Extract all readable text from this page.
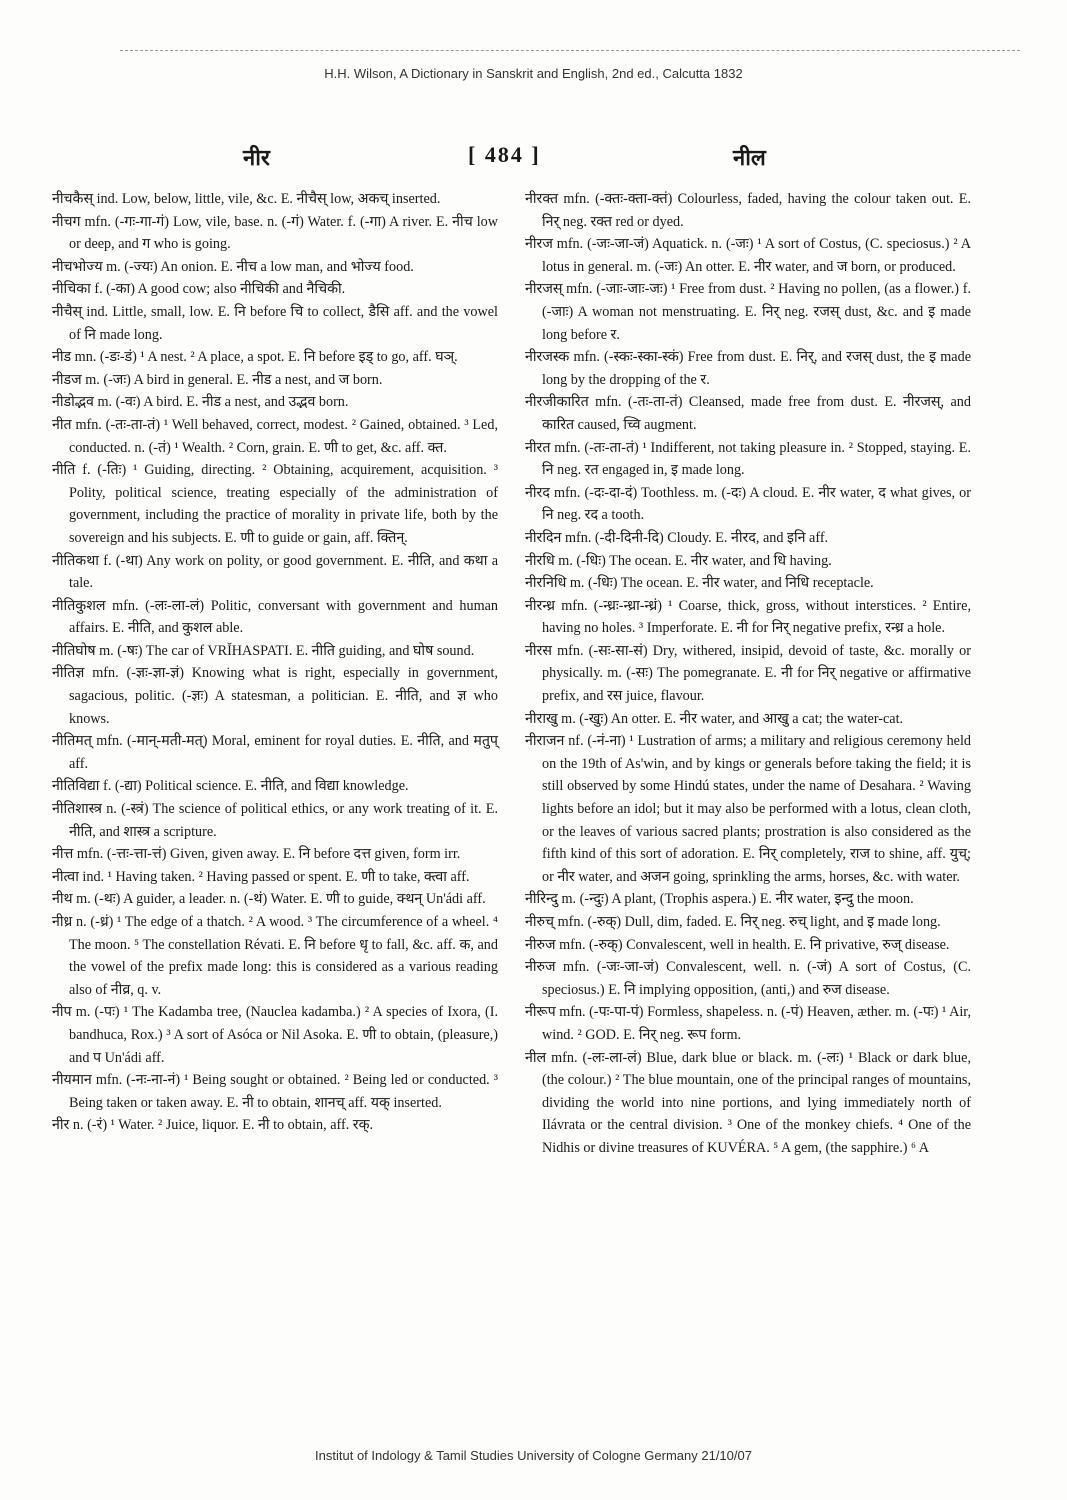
H.H. Wilson, A Dictionary in Sanskrit and English, 2nd ed., Calcutta 1832
नीर	[ 484 ]	नील

नीचकैस् ind. Low, below, little, vile, &c. E. नीचैस् low, अकच् inserted.

नीचग mfn. (-गः-गा-गं) Low, vile, base. n. (-गं) Water. f. (-गा) A river. E. नीच low or deep, and ग who is going.

नीचभोज्य m. (-ज्यः) An onion. E. नीच a low man, and भोज्य food.

नीचिका f. (-का) A good cow; also नीचिकी and नैचिकी.

नीचैस् ind. Little, small, low. E. नि before चि to collect, डैसि aff. and the vowel of नि made long.

नीड mn. (-डः-डं) ¹ A nest. ² A place, a spot. E. नि before इड् to go, aff. घञ्.

नीडज m. (-जः) A bird in general. E. नीड a nest, and ज born.

नीडोद्भव m. (-वः) A bird. E. नीड a nest, and उद्भव born.

नीत mfn. (-तः-ता-तं) ¹ Well behaved, correct, modest. ² Gained, obtained. ³ Led, conducted. n. (-तं) ¹ Wealth. ² Corn, grain. E. णी to get, &c. aff. क्त.

नीति f. (-तिः) ¹ Guiding, directing. ² Obtaining, acquirement, acquisition. ³ Polity, political science, treating especially of the administration of government, including the practice of morality in private life, both by the sovereign and his subjects. E. णी to guide or gain, aff. क्तिन्.

नीतिकथा f. (-था) Any work on polity, or good government. E. नीति, and कथा a tale.

नीतिकुशल mfn. (-लः-ला-लं) Politic, conversant with government and human affairs. E. नीति, and कुशल able.

नीतिघोष m. (-षः) The car of VRĬHASPATI. E. नीति guiding, and घोष sound.

नीतिज्ञ mfn. (-ज्ञः-ज्ञा-ज्ञं) Knowing what is right, especially in government, sagacious, politic. (-ज्ञः) A statesman, a politician. E. नीति, and ज्ञ who knows.

नीतिमत् mfn. (-मान्-मती-मत्) Moral, eminent for royal duties. E. नीति, and मतुप् aff.

नीतिविद्या f. (-द्या) Political science. E. नीति, and विद्या knowledge.

नीतिशास्त्र n. (-स्त्रं) The science of political ethics, or any work treating of it. E. नीति, and शास्त्र a scripture.

नीत्त mfn. (-त्तः-त्ता-त्तं) Given, given away. E. नि before दत्त given, form irr.

नीत्वा ind. ¹ Having taken. ² Having passed or spent. E. णी to take, क्त्वा aff.

नीथ m. (-थः) A guider, a leader. n. (-थं) Water. E. णी to guide, क्थन् Un'ádi aff.

नीध्र n. (-ध्रं) ¹ The edge of a thatch. ² A wood. ³ The circumference of a wheel. ⁴ The moon. ⁵ The constellation Révati. E. नि before धृ to fall, &c. aff. क, and the vowel of the prefix made long: this is considered as a various reading also of नीव्र, q. v.

नीप m. (-पः) ¹ The Kadamba tree, (Nauclea kadamba.) ² A species of Ixora, (I. bandhuca, Rox.) ³ A sort of Asóca or Nil Asoka. E. णी to obtain, (pleasure,) and प Un'ádi aff.

नीयमान mfn. (-नः-ना-नं) ¹ Being sought or obtained. ² Being led or conducted. ³ Being taken or taken away. E. नी to obtain, शानच् aff. यक् inserted.

नीर n. (-रं) ¹ Water. ² Juice, liquor. E. नी to obtain, aff. रक्.

नीरक्त mfn. (-क्तः-क्ता-क्तं) Colourless, faded, having the colour taken out. E. निर् neg. रक्त red or dyed.

नीरज mfn. (-जः-जा-जं) Aquatick. n. (-जः) ¹ A sort of Costus, (C. speciosus.) ² A lotus in general. m. (-जः) An otter. E. नीर water, and ज born, or produced.

नीरजस् mfn. (-जाः-जाः-जः) ¹ Free from dust. ² Having no pollen, (as a flower.) f. (-जाः) A woman not menstruating. E. निर् neg. रजस् dust, &c. and इ made long before र.

नीरजस्क mfn. (-स्कः-स्का-स्कं) Free from dust. E. निर्, and रजस् dust, the इ made long by the dropping of the र.

नीरजीकारित mfn. (-तः-ता-तं) Cleansed, made free from dust. E. नीरजस्, and कारित caused, च्वि augment.

नीरत mfn. (-तः-ता-तं) ¹ Indifferent, not taking pleasure in. ² Stopped, staying. E. नि neg. रत engaged in, इ made long.

नीरद mfn. (-दः-दा-दं) Toothless. m. (-दः) A cloud. E. नीर water, द what gives, or नि neg. रद a tooth.

नीरदिन mfn. (-दी-दिनी-दि) Cloudy. E. नीरद, and इनि aff.

नीरधि m. (-धिः) The ocean. E. नीर water, and धि having.

नीरनिधि m. (-धिः) The ocean. E. नीर water, and निधि receptacle.

नीरन्ध्र mfn. (-न्ध्रः-न्ध्रा-न्ध्रं) ¹ Coarse, thick, gross, without interstices. ² Entire, having no holes. ³ Imperforate. E. नी for निर् negative prefix, रन्ध्र a hole.

नीरस mfn. (-सः-सा-सं) Dry, withered, insipid, devoid of taste, &c. morally or physically. m. (-सः) The pomegranate. E. नी for निर् negative or affirmative prefix, and रस juice, flavour.

नीराखु m. (-खुः) An otter. E. नीर water, and आखु a cat; the water-cat.

नीराजन nf. (-नं-ना) ¹ Lustration of arms; a military and religious ceremony held on the 19th of As'win, and by kings or generals before taking the field; it is still observed by some Hindú states, under the name of Desahara. ² Waving lights before an idol; but it may also be performed with a lotus, clean cloth, or the leaves of various sacred plants; prostration is also considered as the fifth kind of this sort of adoration. E. निर् completely, राज to shine, aff. युच्; or नीर water, and अजन going, sprinkling the arms, horses, &c. with water.

नीरिन्दु m. (-न्दुः) A plant, (Trophis aspera.) E. नीर water, इन्दु the moon.

नीरुच् mfn. (-रुक्) Dull, dim, faded. E. निर् neg. रुच् light, and इ made long.

नीरुज mfn. (-रुक्) Convalescent, well in health. E. नि privative, रुज् disease.

नीरुज mfn. (-जः-जा-जं) Convalescent, well. n. (-जं) A sort of Costus, (C. speciosus.) E. नि implying opposition, (anti,) and रुज disease.

नीरूप mfn. (-पः-पा-पं) Formless, shapeless. n. (-पं) Heaven, æther. m. (-पः) ¹ Air, wind. ² GOD. E. निर् neg. रूप form.

नील mfn. (-लः-ला-लं) Blue, dark blue or black. m. (-लः) ¹ Black or dark blue, (the colour.) ² The blue mountain, one of the principal ranges of mountains, dividing the world into nine portions, and lying immediately north of Ilávrata or the central division. ³ One of the monkey chiefs. ⁴ One of the Nidhis or divine treasures of KUVÉRA. ⁵ A gem, (the sapphire.) ⁶ A

Institut of Indology & Tamil Studies University of Cologne Germany 21/10/07
